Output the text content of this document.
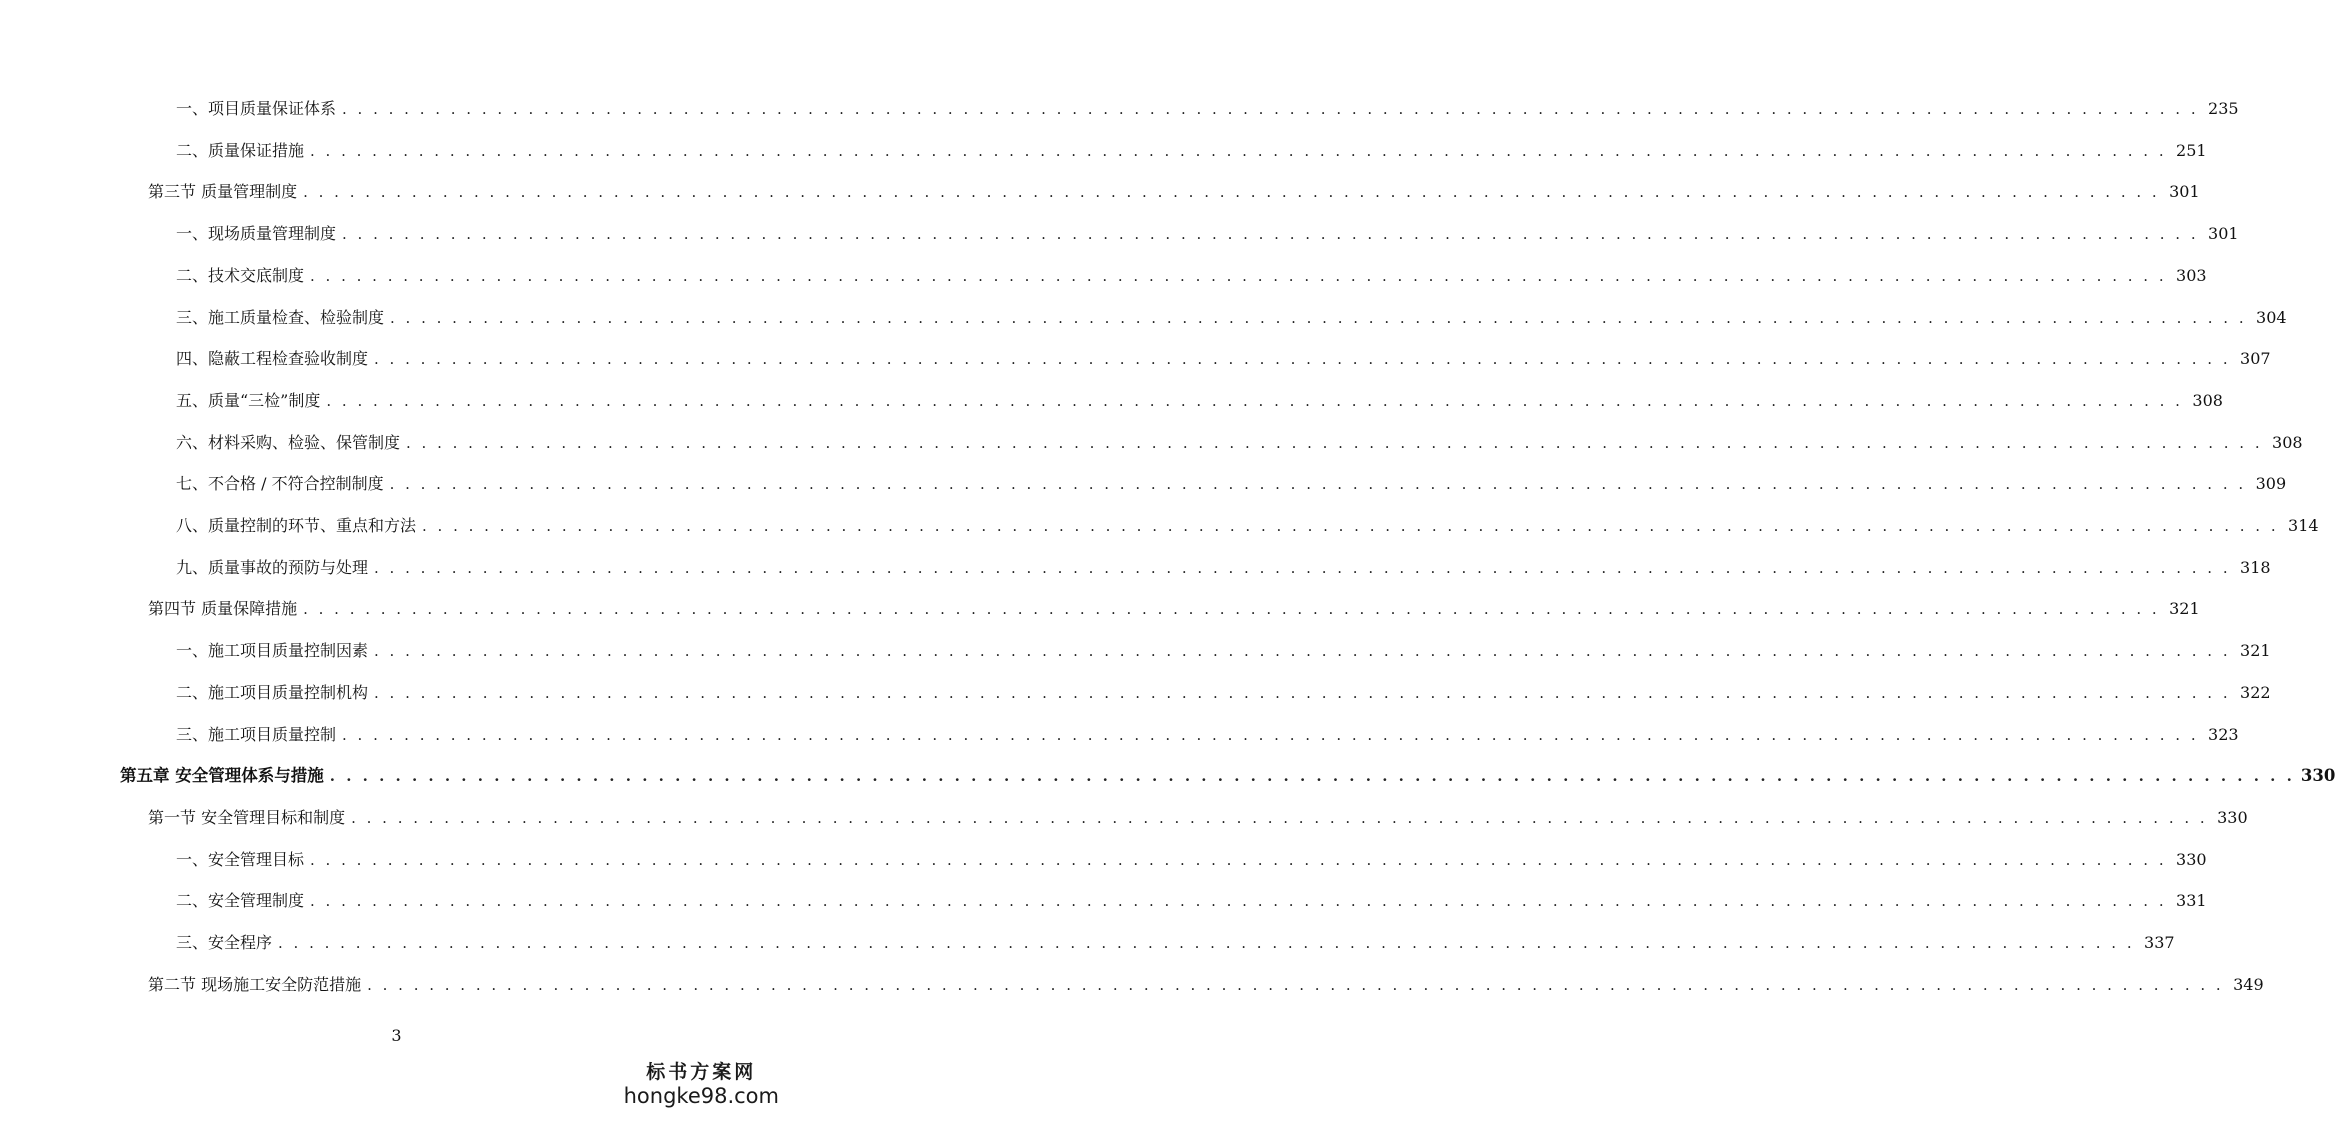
一、项目质量保证体系 . . . . . . . . . . . . . . . . . . . . . . . . . . . . . . . . . . . . . . . . . . . . . . . . . . . . . . . . . . . . . . . . . . . . . . . . . . . . . . . . . . . . . . . . . . . . . . . . . . . . . . . . . . . . . . . . . . . . . . . . 235
二、质量保证措施 . . . . . . . . . . . . . . . . . . . . . . . . . . . . . . . . . . . . . . . . . . . . . . . . . . . . . . . . . . . . . . . . . . . . . . . . . . . . . . . . . . . . . . . . . . . . . . . . . . . . . . . . . . . . . . . . . . . . . . . . 251
第三节 质量管理制度 . . . . . . . . . . . . . . . . . . . . . . . . . . . . . . . . . . . . . . . . . . . . . . . . . . . . . . . . . . . . . . . . . . . . . . . . . . . . . . . . . . . . . . . . . . . . . . . . . . . . . . . . . . . . . . . . . . . . . . . . 301
一、现场质量管理制度 . . . . . . . . . . . . . . . . . . . . . . . . . . . . . . . . . . . . . . . . . . . . . . . . . . . . . . . . . . . . . . . . . . . . . . . . . . . . . . . . . . . . . . . . . . . . . . . . . . . . . . . . . . . . . . . . . . . . . . . . 301
二、技术交底制度 . . . . . . . . . . . . . . . . . . . . . . . . . . . . . . . . . . . . . . . . . . . . . . . . . . . . . . . . . . . . . . . . . . . . . . . . . . . . . . . . . . . . . . . . . . . . . . . . . . . . . . . . . . . . . . . . . . . . . . . . 303
三、施工质量检查、检验制度 . . . . . . . . . . . . . . . . . . . . . . . . . . . . . . . . . . . . . . . . . . . . . . . . . . . . . . . . . . . . . . . . . . . . . . . . . . . . . . . . . . . . . . . . . . . . . . . . . . . . . . . . . . . . . . . . . . . . . . . . 304
四、隐蔽工程检查验收制度 . . . . . . . . . . . . . . . . . . . . . . . . . . . . . . . . . . . . . . . . . . . . . . . . . . . . . . . . . . . . . . . . . . . . . . . . . . . . . . . . . . . . . . . . . . . . . . . . . . . . . . . . . . . . . . . . . . . . . . . . 307
五、质量“三检”制度 . . . . . . . . . . . . . . . . . . . . . . . . . . . . . . . . . . . . . . . . . . . . . . . . . . . . . . . . . . . . . . . . . . . . . . . . . . . . . . . . . . . . . . . . . . . . . . . . . . . . . . . . . . . . . . . . . . . . . . . . 308
六、材料采购、检验、保管制度 . . . . . . . . . . . . . . . . . . . . . . . . . . . . . . . . . . . . . . . . . . . . . . . . . . . . . . . . . . . . . . . . . . . . . . . . . . . . . . . . . . . . . . . . . . . . . . . . . . . . . . . . . . . . . . . . . . . . . . . . 308
七、不合格 / 不符合控制制度 . . . . . . . . . . . . . . . . . . . . . . . . . . . . . . . . . . . . . . . . . . . . . . . . . . . . . . . . . . . . . . . . . . . . . . . . . . . . . . . . . . . . . . . . . . . . . . . . . . . . . . . . . . . . . . . . . . . . . . . . 309
八、质量控制的环节、重点和方法 . . . . . . . . . . . . . . . . . . . . . . . . . . . . . . . . . . . . . . . . . . . . . . . . . . . . . . . . . . . . . . . . . . . . . . . . . . . . . . . . . . . . . . . . . . . . . . . . . . . . . . . . . . . . . . . . . . . . . . . . 314
九、质量事故的预防与处理 . . . . . . . . . . . . . . . . . . . . . . . . . . . . . . . . . . . . . . . . . . . . . . . . . . . . . . . . . . . . . . . . . . . . . . . . . . . . . . . . . . . . . . . . . . . . . . . . . . . . . . . . . . . . . . . . . . . . . . . . 318
第四节 质量保障措施 . . . . . . . . . . . . . . . . . . . . . . . . . . . . . . . . . . . . . . . . . . . . . . . . . . . . . . . . . . . . . . . . . . . . . . . . . . . . . . . . . . . . . . . . . . . . . . . . . . . . . . . . . . . . . . . . . . . . . . . . 321
一、施工项目质量控制因素 . . . . . . . . . . . . . . . . . . . . . . . . . . . . . . . . . . . . . . . . . . . . . . . . . . . . . . . . . . . . . . . . . . . . . . . . . . . . . . . . . . . . . . . . . . . . . . . . . . . . . . . . . . . . . . . . . . . . . . . . 321
二、施工项目质量控制机构 . . . . . . . . . . . . . . . . . . . . . . . . . . . . . . . . . . . . . . . . . . . . . . . . . . . . . . . . . . . . . . . . . . . . . . . . . . . . . . . . . . . . . . . . . . . . . . . . . . . . . . . . . . . . . . . . . . . . . . . . 322
三、施工项目质量控制 . . . . . . . . . . . . . . . . . . . . . . . . . . . . . . . . . . . . . . . . . . . . . . . . . . . . . . . . . . . . . . . . . . . . . . . . . . . . . . . . . . . . . . . . . . . . . . . . . . . . . . . . . . . . . . . . . . . . . . . . 323
第五章 安全管理体系与措施 . . . . . . . . . . . . . . . . . . . . . . . . . . . . . . . . . . . . . . . . . . . . . . . . . . . . . . . . . . . . . . . . . . . . . . . . . . . . . . . . . . . . . . . . . . . . . . . . . . . . . . . . . . . . . . . . . . . . . . . . 330
第一节 安全管理目标和制度 . . . . . . . . . . . . . . . . . . . . . . . . . . . . . . . . . . . . . . . . . . . . . . . . . . . . . . . . . . . . . . . . . . . . . . . . . . . . . . . . . . . . . . . . . . . . . . . . . . . . . . . . . . . . . . . . . . . . . . . . 330
一、安全管理目标 . . . . . . . . . . . . . . . . . . . . . . . . . . . . . . . . . . . . . . . . . . . . . . . . . . . . . . . . . . . . . . . . . . . . . . . . . . . . . . . . . . . . . . . . . . . . . . . . . . . . . . . . . . . . . . . . . . . . . . . . 330
二、安全管理制度 . . . . . . . . . . . . . . . . . . . . . . . . . . . . . . . . . . . . . . . . . . . . . . . . . . . . . . . . . . . . . . . . . . . . . . . . . . . . . . . . . . . . . . . . . . . . . . . . . . . . . . . . . . . . . . . . . . . . . . . . 331
三、安全程序 . . . . . . . . . . . . . . . . . . . . . . . . . . . . . . . . . . . . . . . . . . . . . . . . . . . . . . . . . . . . . . . . . . . . . . . . . . . . . . . . . . . . . . . . . . . . . . . . . . . . . . . . . . . . . . . . . . . . . . . . 337
第二节 现场施工安全防范措施 . . . . . . . . . . . . . . . . . . . . . . . . . . . . . . . . . . . . . . . . . . . . . . . . . . . . . . . . . . . . . . . . . . . . . . . . . . . . . . . . . . . . . . . . . . . . . . . . . . . . . . . . . . . . . . . . . . . . . . . . 349
3
标书方案网
hongke98.com
